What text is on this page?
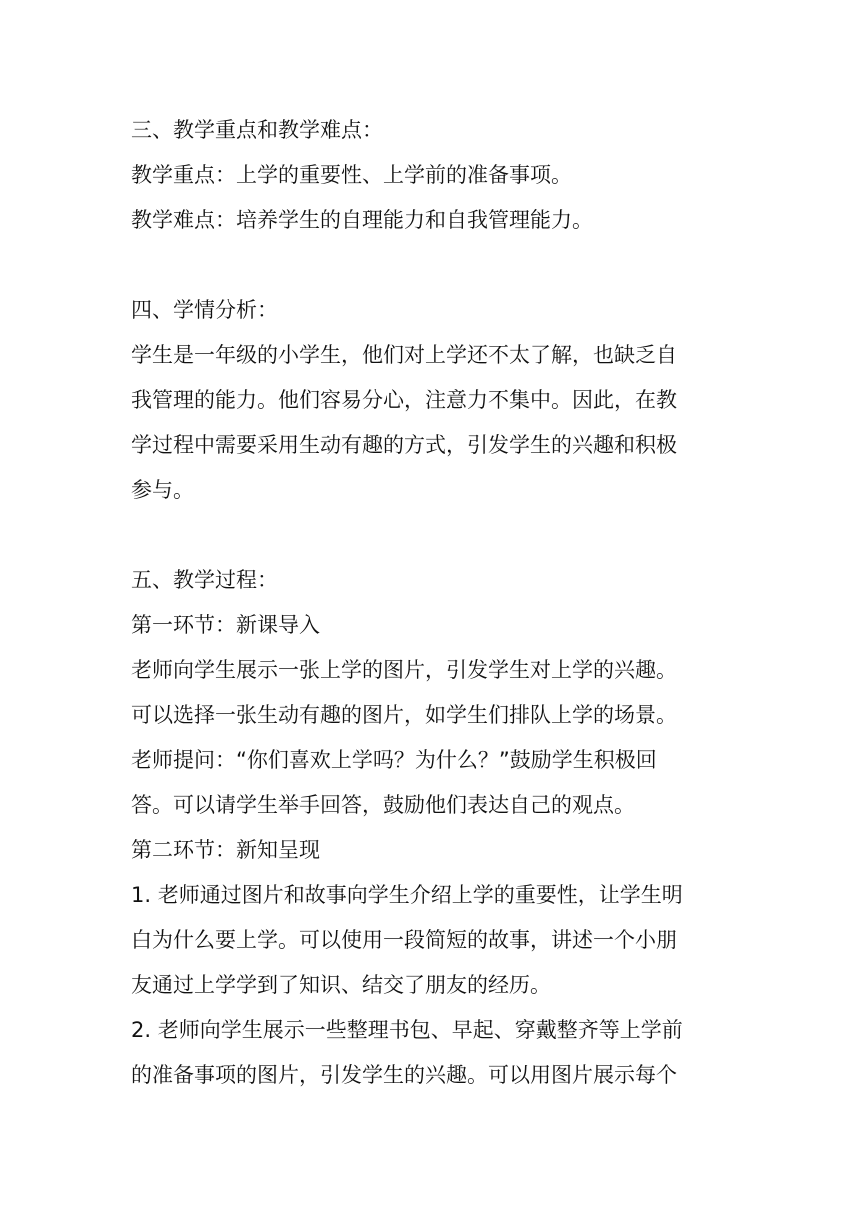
三、教学重点和教学难点：
教学重点：上学的重要性、上学前的准备事项。
教学难点：培养学生的自理能力和自我管理能力。
四、学情分析：
学生是一年级的小学生，他们对上学还不太了解，也缺乏自
我管理的能力。他们容易分心，注意力不集中。因此，在教
学过程中需要采用生动有趣的方式，引发学生的兴趣和积极
参与。
五、教学过程：
第一环节：新课导入
老师向学生展示一张上学的图片，引发学生对上学的兴趣。
可以选择一张生动有趣的图片，如学生们排队上学的场景。
老师提问：“你们喜欢上学吗？为什么？”鼓励学生积极回
答。可以请学生举手回答，鼓励他们表达自己的观点。
第二环节：新知呈现
1. 老师通过图片和故事向学生介绍上学的重要性，让学生明
白为什么要上学。可以使用一段简短的故事，讲述一个小朋
友通过上学学到了知识、结交了朋友的经历。
2. 老师向学生展示一些整理书包、早起、穿戴整齐等上学前
的准备事项的图片，引发学生的兴趣。可以用图片展示每个
